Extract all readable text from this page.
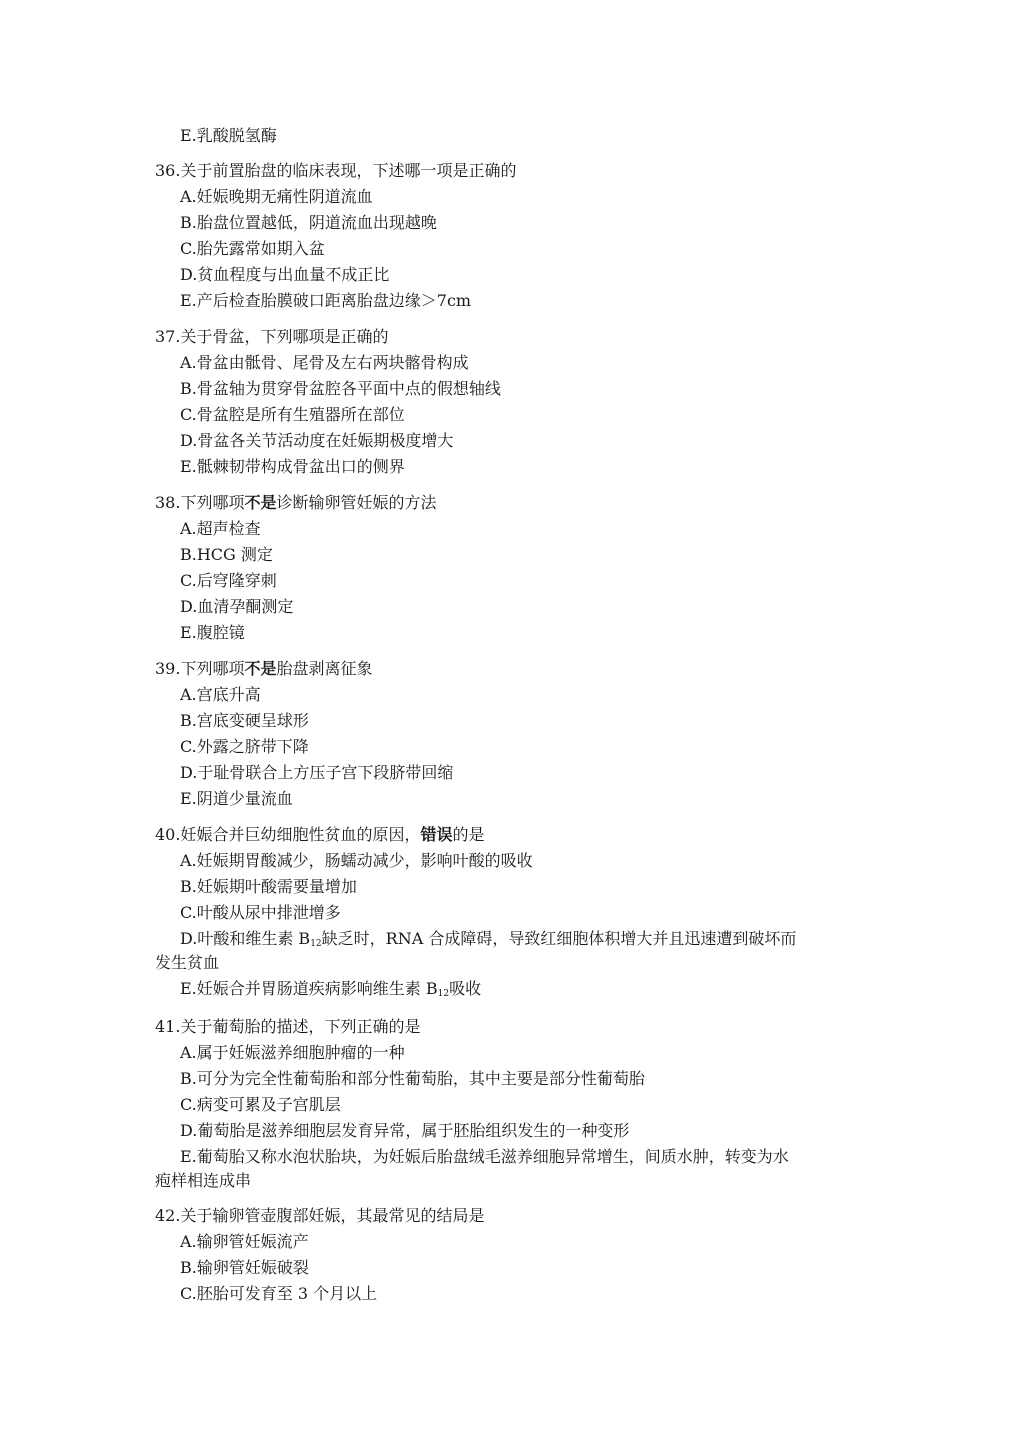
E.乳酸脱氢酶
36.关于前置胎盘的临床表现，下述哪一项是正确的
A.妊娠晚期无痛性阴道流血
B.胎盘位置越低，阴道流血出现越晚
C.胎先露常如期入盆
D.贫血程度与出血量不成正比
E.产后检查胎膜破口距离胎盘边缘＞7cm
37.关于骨盆，下列哪项是正确的
A.骨盆由骶骨、尾骨及左右两块髂骨构成
B.骨盆轴为贯穿骨盆腔各平面中点的假想轴线
C.骨盆腔是所有生殖器所在部位
D.骨盆各关节活动度在妊娠期极度增大
E.骶棘韧带构成骨盆出口的侧界
38.下列哪项不是诊断输卵管妊娠的方法
A.超声检查
B.HCG 测定
C.后穹隆穿刺
D.血清孕酮测定
E.腹腔镜
39.下列哪项不是胎盘剥离征象
A.宫底升高
B.宫底变硬呈球形
C.外露之脐带下降
D.于耻骨联合上方压子宫下段脐带回缩
E.阴道少量流血
40.妊娠合并巨幼细胞性贫血的原因，错误的是
A.妊娠期胃酸减少，肠蠕动减少，影响叶酸的吸收
B.妊娠期叶酸需要量增加
C.叶酸从尿中排泄增多
D.叶酸和维生素 $B_{12}$缺乏时，RNA 合成障碍，导致红细胞体积增大并且迅速遭到破坏而
发生贫血
E.妊娠合并胃肠道疾病影响维生素 $B_{12}$吸收
41.关于葡萄胎的描述，下列正确的是
A.属于妊娠滋养细胞肿瘤的一种
B.可分为完全性葡萄胎和部分性葡萄胎，其中主要是部分性葡萄胎
C.病变可累及子宫肌层
D.葡萄胎是滋养细胞层发育异常，属于胚胎组织发生的一种变形
E.葡萄胎又称水泡状胎块，为妊娠后胎盘绒毛滋养细胞异常增生，间质水肿，转变为水
疱样相连成串
42.关于输卵管壶腹部妊娠，其最常见的结局是
A.输卵管妊娠流产
B.输卵管妊娠破裂
C.胚胎可发育至 3 个月以上
